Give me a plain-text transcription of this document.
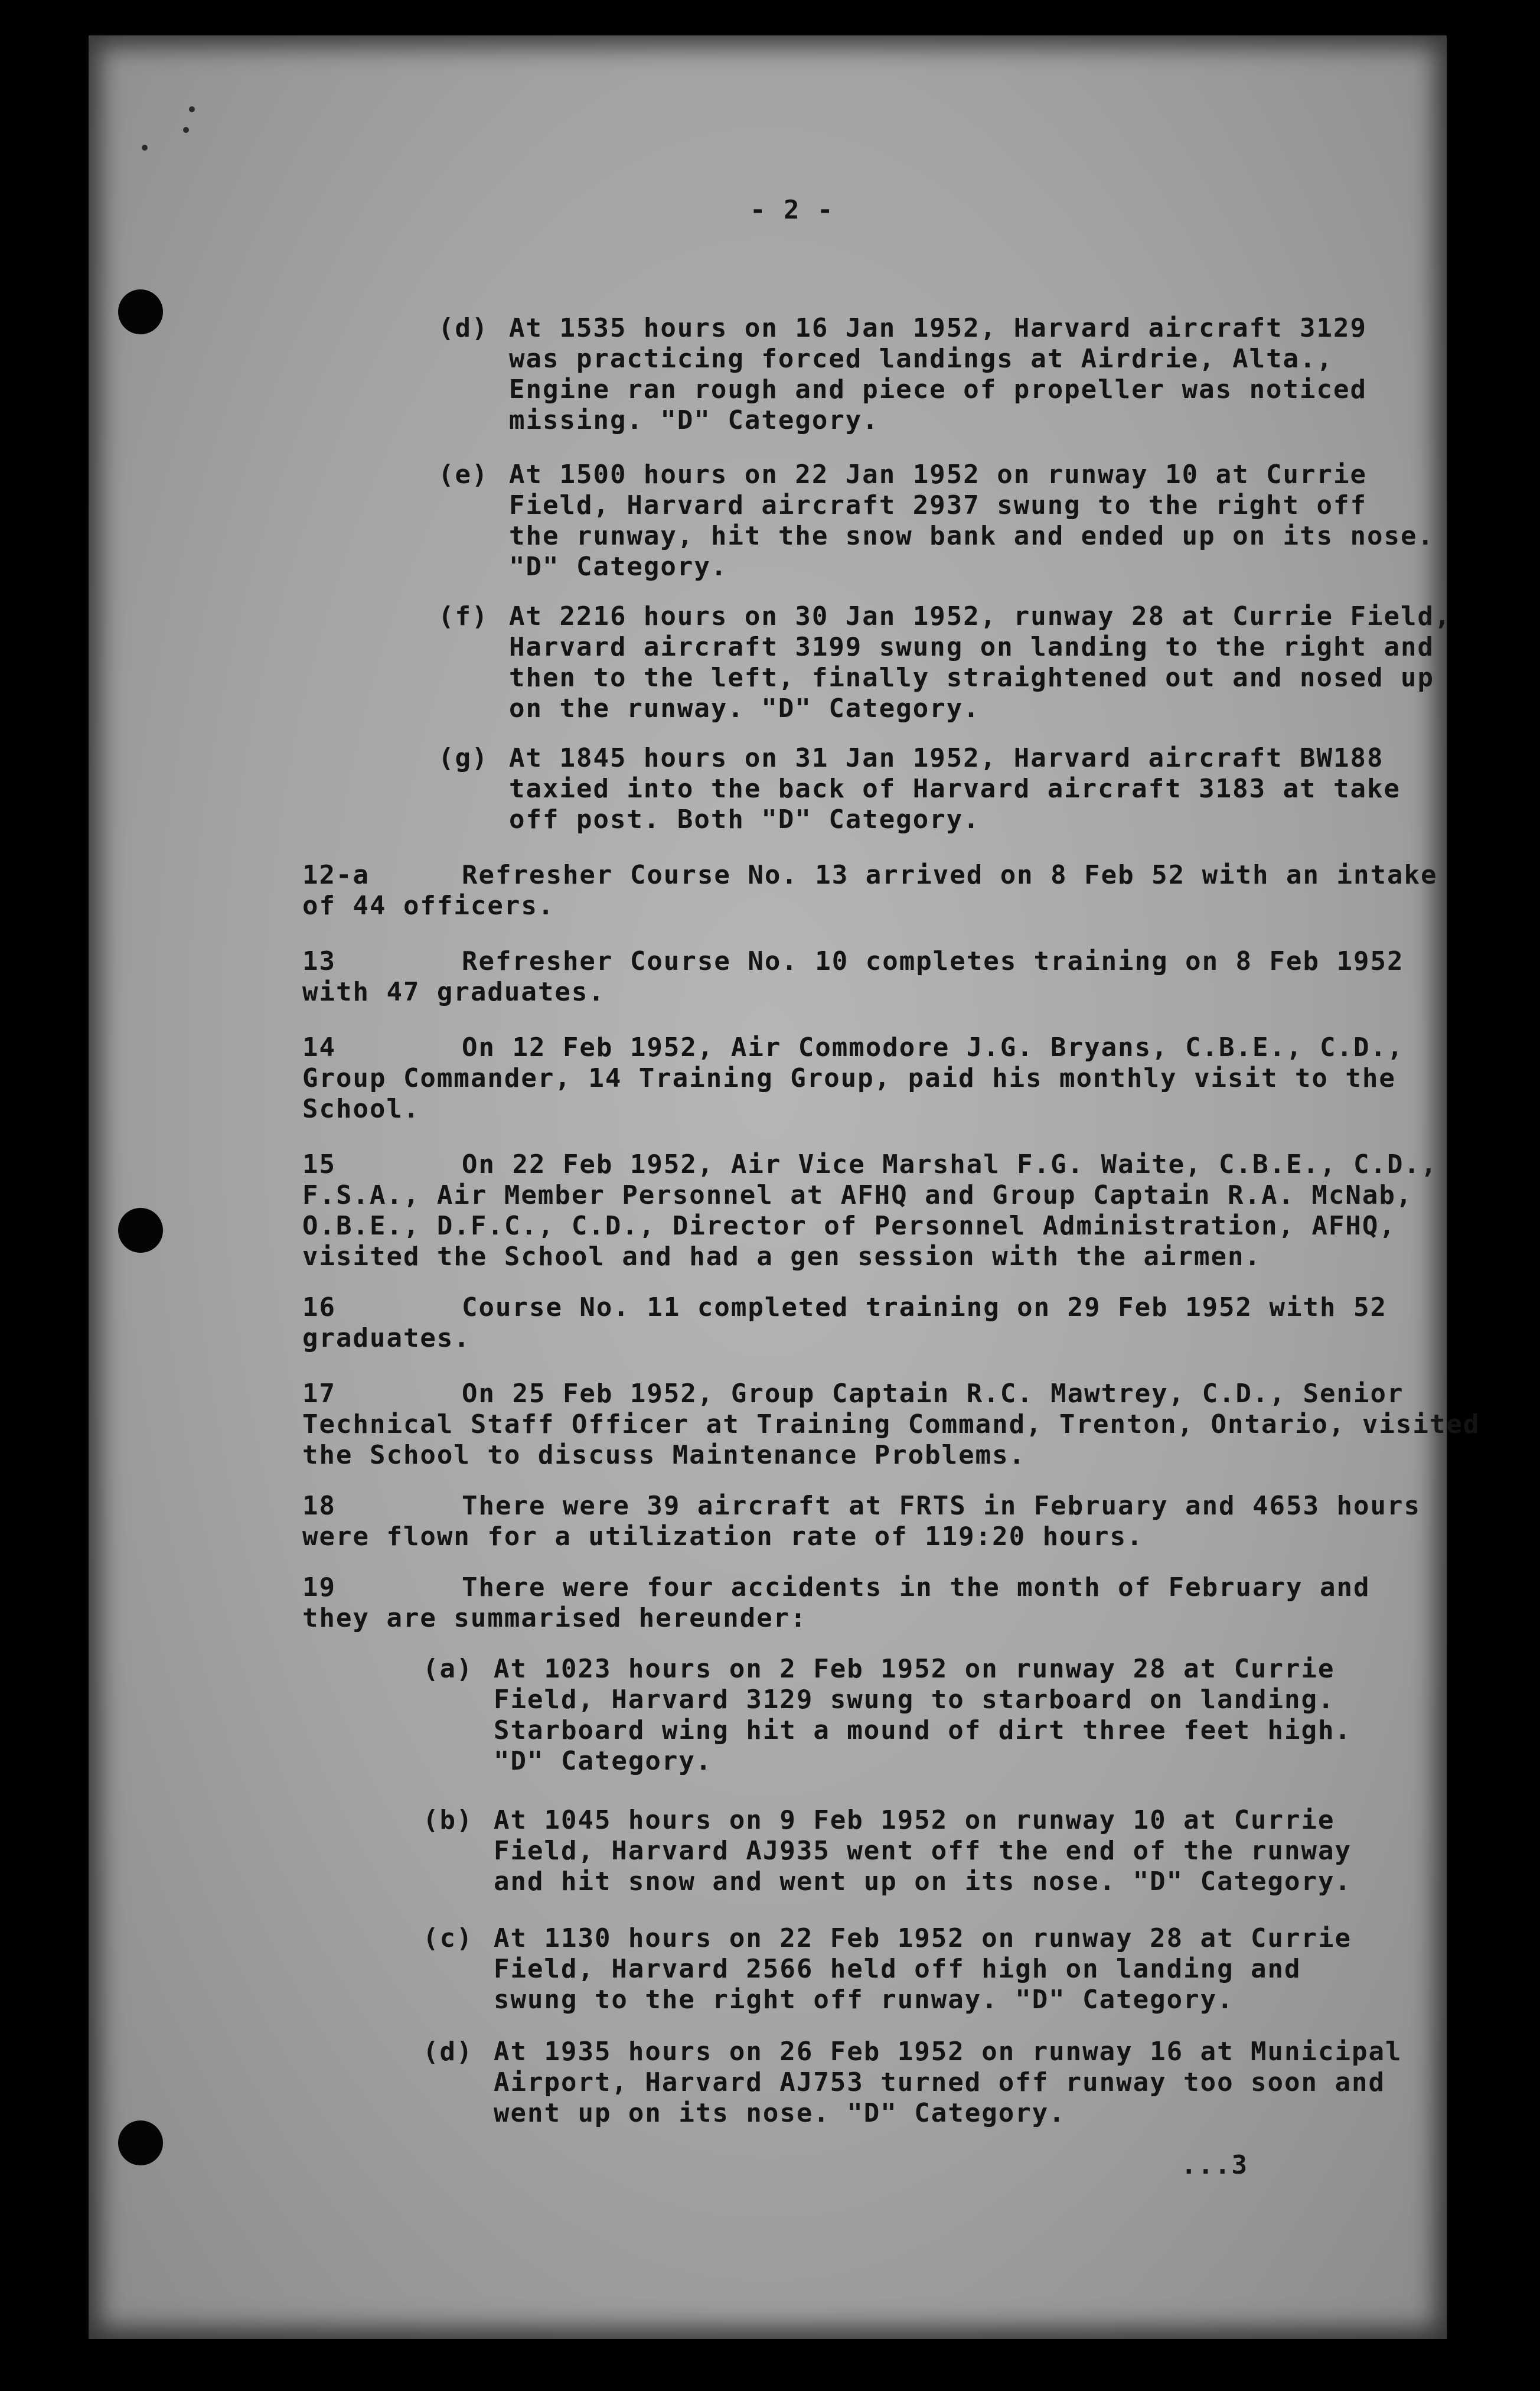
- 2 -
(d) At 1535 hours on 16 Jan 1952, Harvard aircraft 3129
was practicing forced landings at Airdrie, Alta.,
Engine ran rough and piece of propeller was noticed
missing. "D" Category.
(e) At 1500 hours on 22 Jan 1952 on runway 10 at Currie
Field, Harvard aircraft 2937 swung to the right off
the runway, hit the snow bank and ended up on its nose.
"D" Category.
(f) At 2216 hours on 30 Jan 1952, runway 28 at Currie Field,
Harvard aircraft 3199 swung on landing to the right and
then to the left, finally straightened out and nosed up
on the runway. "D" Category.
(g) At 1845 hours on 31 Jan 1952, Harvard aircraft BW188
taxied into the back of Harvard aircraft 3183 at take
off post. Both "D" Category.
12-a	Refresher Course No. 13 arrived on 8 Feb 52 with an intake
of 44 officers.
13	Refresher Course No. 10 completes training on 8 Feb 1952
with 47 graduates.
14	On 12 Feb 1952, Air Commodore J.G. Bryans, C.B.E., C.D.,
Group Commander, 14 Training Group, paid his monthly visit to the
School.
15	On 22 Feb 1952, Air Vice Marshal F.G. Waite, C.B.E., C.D.,
F.S.A., Air Member Personnel at AFHQ and Group Captain R.A. McNab,
O.B.E., D.F.C., C.D., Director of Personnel Administration, AFHQ,
visited the School and had a gen session with the airmen.
16	Course No. 11 completed training on 29 Feb 1952 with 52
graduates.
17	On 25 Feb 1952, Group Captain R.C. Mawtrey, C.D., Senior
Technical Staff Officer at Training Command, Trenton, Ontario, visited
the School to discuss Maintenance Problems.
18	There were 39 aircraft at FRTS in February and 4653 hours
were flown for a utilization rate of 119:20 hours.
19	There were four accidents in the month of February and
they are summarised hereunder:
(a) At 1023 hours on 2 Feb 1952 on runway 28 at Currie
Field, Harvard 3129 swung to starboard on landing.
Starboard wing hit a mound of dirt three feet high.
"D" Category.
(b) At 1045 hours on 9 Feb 1952 on runway 10 at Currie
Field, Harvard AJ935 went off the end of the runway
and hit snow and went up on its nose. "D" Category.
(c) At 1130 hours on 22 Feb 1952 on runway 28 at Currie
Field, Harvard 2566 held off high on landing and
swung to the right off runway. "D" Category.
(d) At 1935 hours on 26 Feb 1952 on runway 16 at Municipal
Airport, Harvard AJ753 turned off runway too soon and
went up on its nose. "D" Category.
...3
